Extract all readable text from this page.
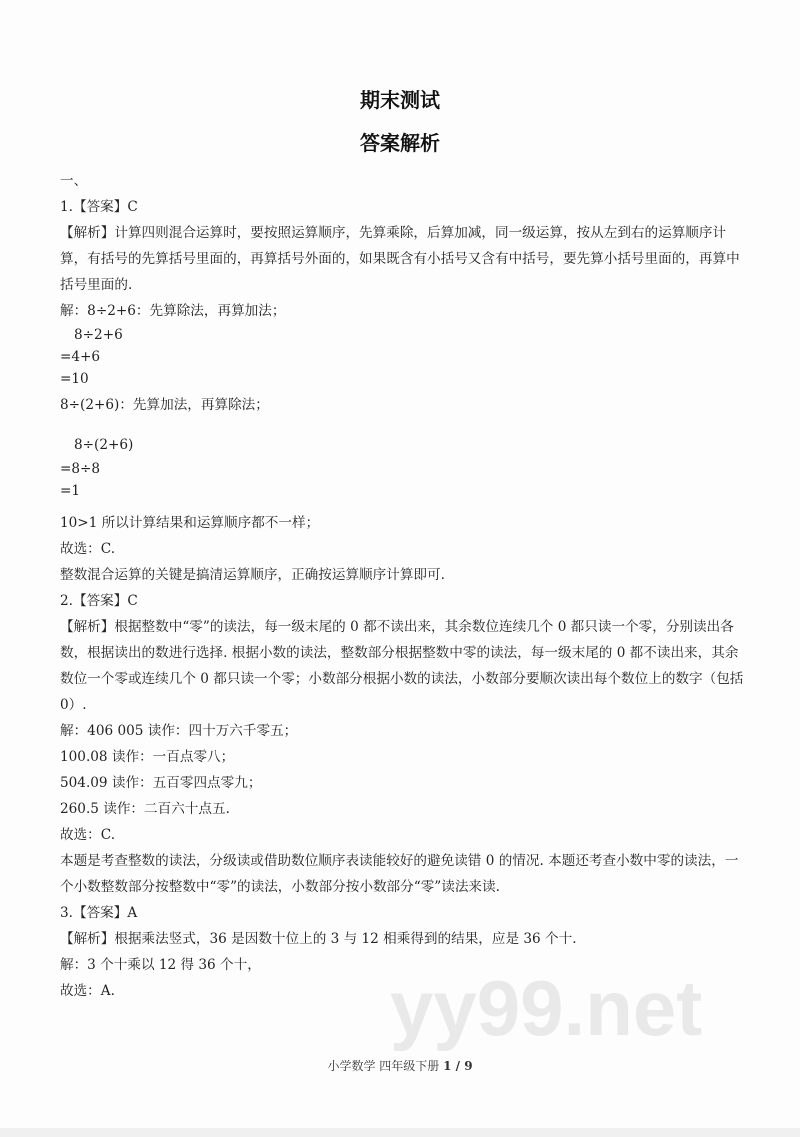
期末测试
答案解析

一、

1.【答案】C

【解析】计算四则混合运算时，要按照运算顺序，先算乘除，后算加减，同一级运算，按从左到右的运算顺序计算，有括号的先算括号里面的，再算括号外面的，如果既含有小括号又含有中括号，要先算小括号里面的，再算中括号里面的.

解：8÷2+6：先算除法，再算加法；

8÷2+6

=4+6

=10

8÷(2+6)：先算加法，再算除法；

8÷(2+6)

=8÷8

=1

10>1 所以计算结果和运算顺序都不一样；

故选：C.

整数混合运算的关键是搞清运算顺序，正确按运算顺序计算即可.

2.【答案】C

【解析】根据整数中“零”的读法，每一级末尾的 0 都不读出来，其余数位连续几个 0 都只读一个零，分别读出各数，根据读出的数进行选择. 根据小数的读法，整数部分根据整数中零的读法，每一级末尾的 0 都不读出来，其余数位一个零或连续几个 0 都只读一个零；小数部分根据小数的读法，小数部分要顺次读出每个数位上的数字（包括 0）.

解：406 005 读作：四十万六千零五；

100.08 读作：一百点零八；

504.09 读作：五百零四点零九；

260.5 读作：二百六十点五.

故选：C.

本题是考查整数的读法，分级读或借助数位顺序表读能较好的避免读错 0 的情况. 本题还考查小数中零的读法，一个小数整数部分按整数中“零”的读法，小数部分按小数部分“零”读法来读.

3.【答案】A

【解析】根据乘法竖式，36 是因数十位上的 3 与 12 相乘得到的结果，应是 36 个十.

解：3 个十乘以 12 得 36 个十，

故选：A.	yy99.net
小学数学 四年级下册 1 / 9
